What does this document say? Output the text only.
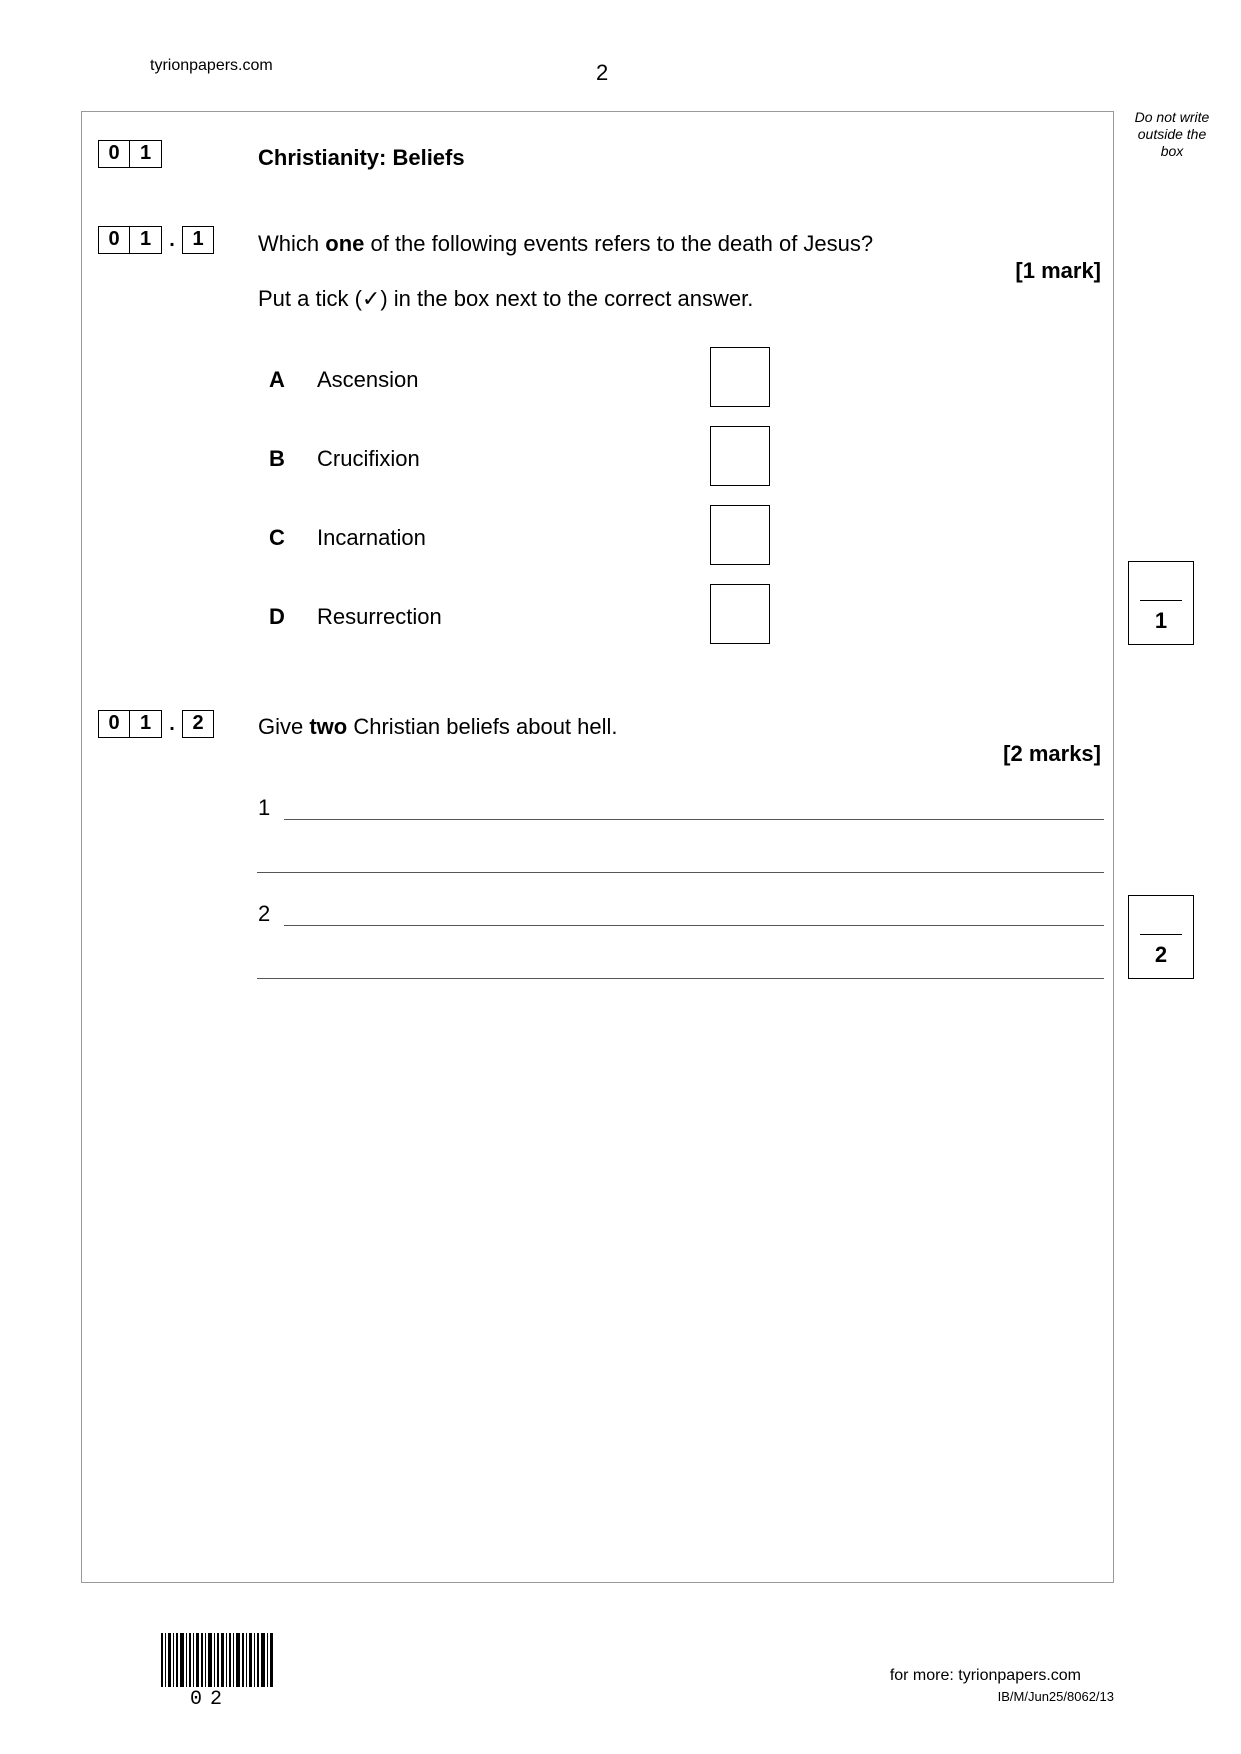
tyrionpapers.com	2
Do not write outside the box
0 1	Christianity: Beliefs
0 1 . 1	Which one of the following events refers to the death of Jesus?
[1 mark]
Put a tick (✓) in the box next to the correct answer.
A Ascension
B Crucifixion
C Incarnation
D Resurrection	1
0 1 . 2	Give two Christian beliefs about hell.
[2 marks]
1
2
2
02
for more: tyrionpapers.com
IB/M/Jun25/8062/13
